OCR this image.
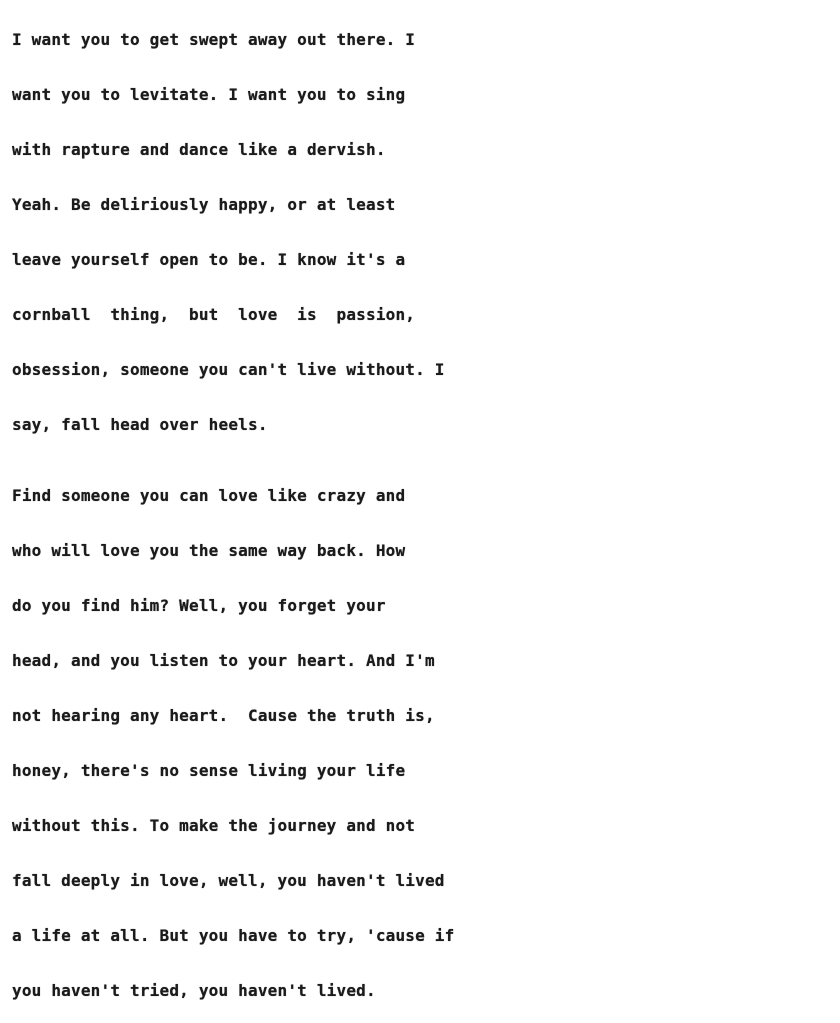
I want you to get swept away out there. I
want you to levitate. I want you to sing
with rapture and dance like a dervish.
Yeah. Be deliriously happy, or at least
leave yourself open to be. I know it's a
cornball  thing,  but  love  is  passion,
obsession, someone you can't live without. I
say, fall head over heels.
Find someone you can love like crazy and
who will love you the same way back. How
do you find him? Well, you forget your
head, and you listen to your heart. And I'm
not hearing any heart.  Cause the truth is,
honey, there's no sense living your life
without this. To make the journey and not
fall deeply in love, well, you haven't lived
a life at all. But you have to try, 'cause if
you haven't tried, you haven't lived.
